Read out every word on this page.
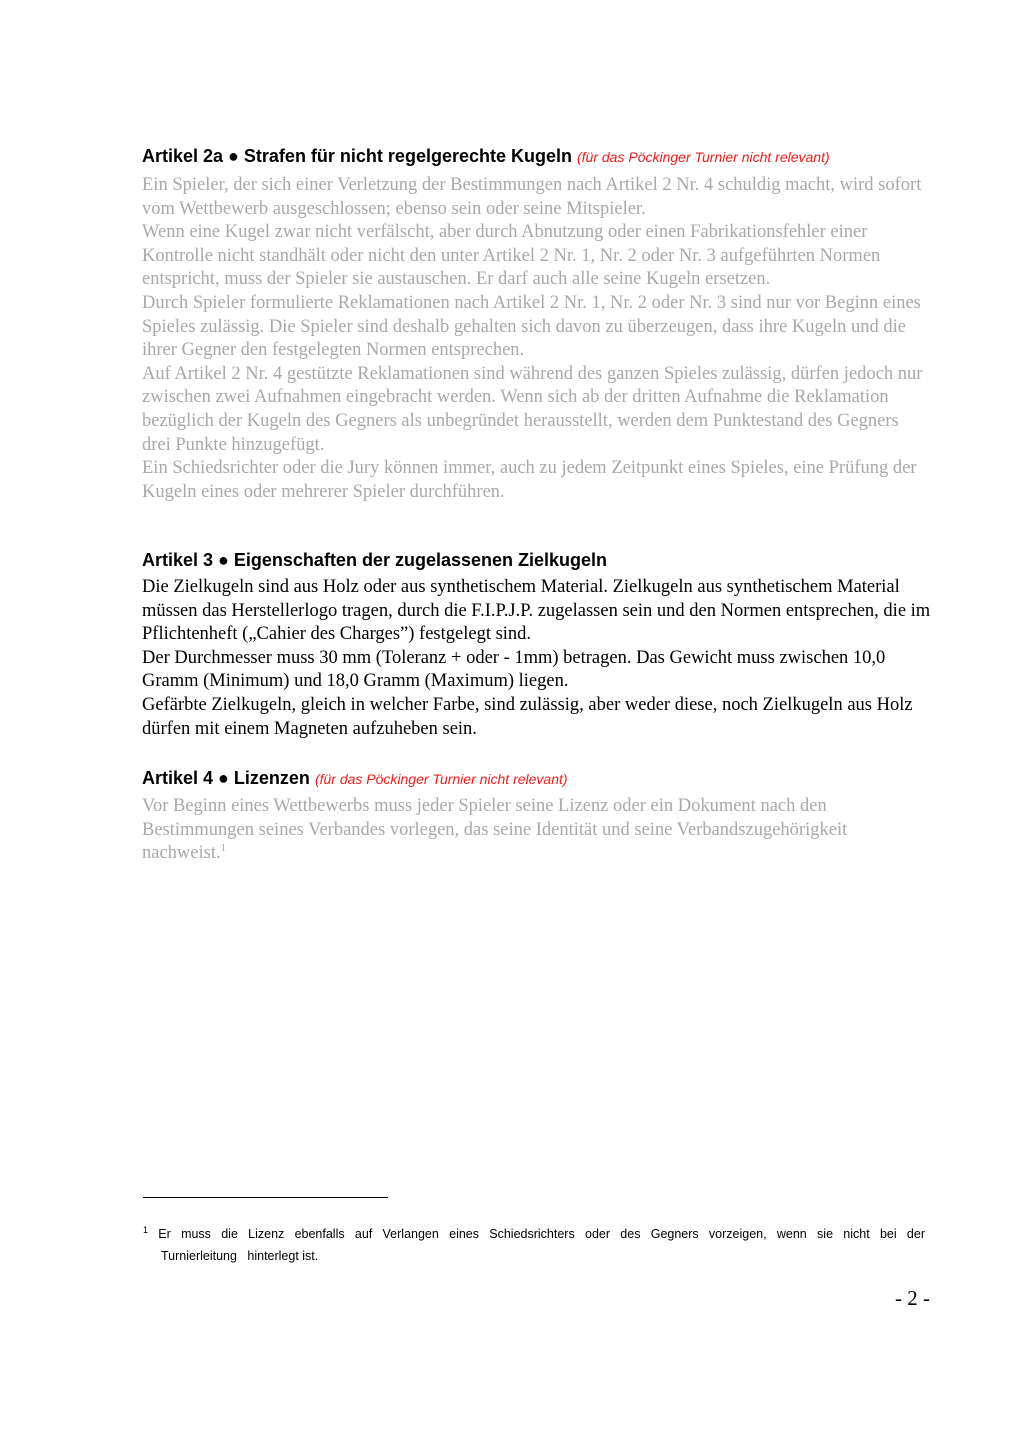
Artikel 2a ● Strafen für nicht regelgerechte Kugeln (für das Pöckinger Turnier nicht relevant)

Ein Spieler, der sich einer Verletzung der Bestimmungen nach Artikel 2 Nr. 4 schuldig macht, wird sofort vom Wettbewerb ausgeschlossen; ebenso sein oder seine Mitspieler.

Wenn eine Kugel zwar nicht verfälscht, aber durch Abnutzung oder einen Fabrikationsfehler einer Kontrolle nicht standhält oder nicht den unter Artikel 2 Nr. 1, Nr. 2 oder Nr. 3 aufgeführten Normen entspricht, muss der Spieler sie austauschen. Er darf auch alle seine Kugeln ersetzen.

Durch Spieler formulierte Reklamationen nach Artikel 2 Nr. 1, Nr. 2 oder Nr. 3 sind nur vor Beginn eines Spieles zulässig. Die Spieler sind deshalb gehalten sich davon zu überzeugen, dass ihre Kugeln und die ihrer Gegner den festgelegten Normen entsprechen.

Auf Artikel 2 Nr. 4 gestützte Reklamationen sind während des ganzen Spieles zulässig, dürfen jedoch nur zwischen zwei Aufnahmen eingebracht werden. Wenn sich ab der dritten Aufnahme die Reklamation bezüglich der Kugeln des Gegners als unbegründet herausstellt, werden dem Punktestand des Gegners drei Punkte hinzugefügt.

Ein Schiedsrichter oder die Jury können immer, auch zu jedem Zeitpunkt eines Spieles, eine Prüfung der Kugeln eines oder mehrerer Spieler durchführen.

Artikel 3 ● Eigenschaften der zugelassenen Zielkugeln

Die Zielkugeln sind aus Holz oder aus synthetischem Material. Zielkugeln aus synthetischem Material müssen das Herstellerlogo tragen, durch die F.I.P.J.P. zugelassen sein und den Normen entsprechen, die im Pflichtenheft („Cahier des Charges”) festgelegt sind.

Der Durchmesser muss 30 mm (Toleranz + oder - 1mm) betragen. Das Gewicht muss zwischen 10,0 Gramm (Minimum) und 18,0 Gramm (Maximum) liegen.

Gefärbte Zielkugeln, gleich in welcher Farbe, sind zulässig, aber weder diese, noch Zielkugeln aus Holz dürfen mit einem Magneten aufzuheben sein.

Artikel 4 ● Lizenzen (für das Pöckinger Turnier nicht relevant)

Vor Beginn eines Wettbewerbs muss jeder Spieler seine Lizenz oder ein Dokument nach den Bestimmungen seines Verbandes vorlegen, das seine Identität und seine Verbandszugehörigkeit nachweist.$^1$

$^1$ Er muss die Lizenz ebenfalls auf Verlangen eines Schiedsrichters oder des Gegners vorzeigen, wenn sie nicht bei der
Turnierleitung   hinterlegt ist.
- 2 -
